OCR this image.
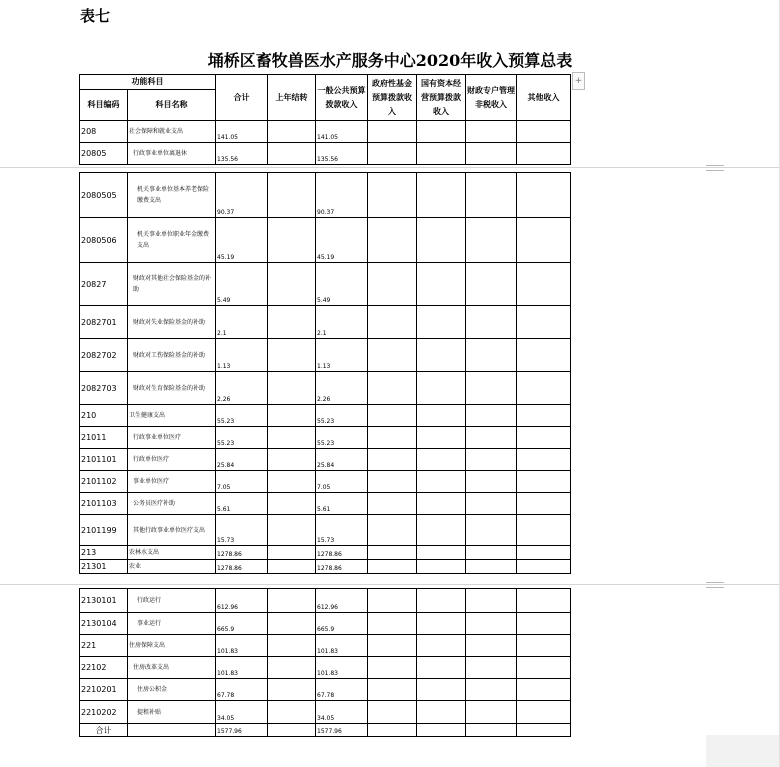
表七
埇桥区畜牧兽医水产服务中心2020年收入预算总表
+
功能科目		合计	上年结转	一般公共预算拨款收入	政府性基金预算拨款收入	国有资本经营预算拨款收入	财政专户管理非税收入	其他收入
科目编码	科目名称							
208	社会保障和就业支出	141.05		141.05				
20805	行政事业单位离退休	135.56		135.56				
2080505	机关事业单位基本养老保险缴费支出	90.37		90.37				
2080506	机关事业单位职业年金缴费支出	45.19		45.19				
20827	财政对其他社会保险基金的补助	5.49		5.49				
2082701	财政对失业保险基金的补助	2.1		2.1				
2082702	财政对工伤保险基金的补助	1.13		1.13				
2082703	财政对生育保险基金的补助	2.26		2.26				
210	卫生健康支出	55.23		55.23				
21011	行政事业单位医疗	55.23		55.23				
2101101	行政单位医疗	25.84		25.84				
2101102	事业单位医疗	7.05		7.05				
2101103	公务员医疗补助	5.61		5.61				
2101199	其他行政事业单位医疗支出	15.73		15.73				
213	农林水支出	1278.86		1278.86				
21301	农业	1278.86		1278.86				
2130101	行政运行	612.96		612.96				
2130104	事业运行	665.9		665.9				
221	住房保障支出	101.83		101.83				
22102	住房改革支出	101.83		101.83				
2210201	住房公积金	67.78		67.78				
2210202	提租补贴	34.05		34.05				
合计		1577.96		1577.96				
